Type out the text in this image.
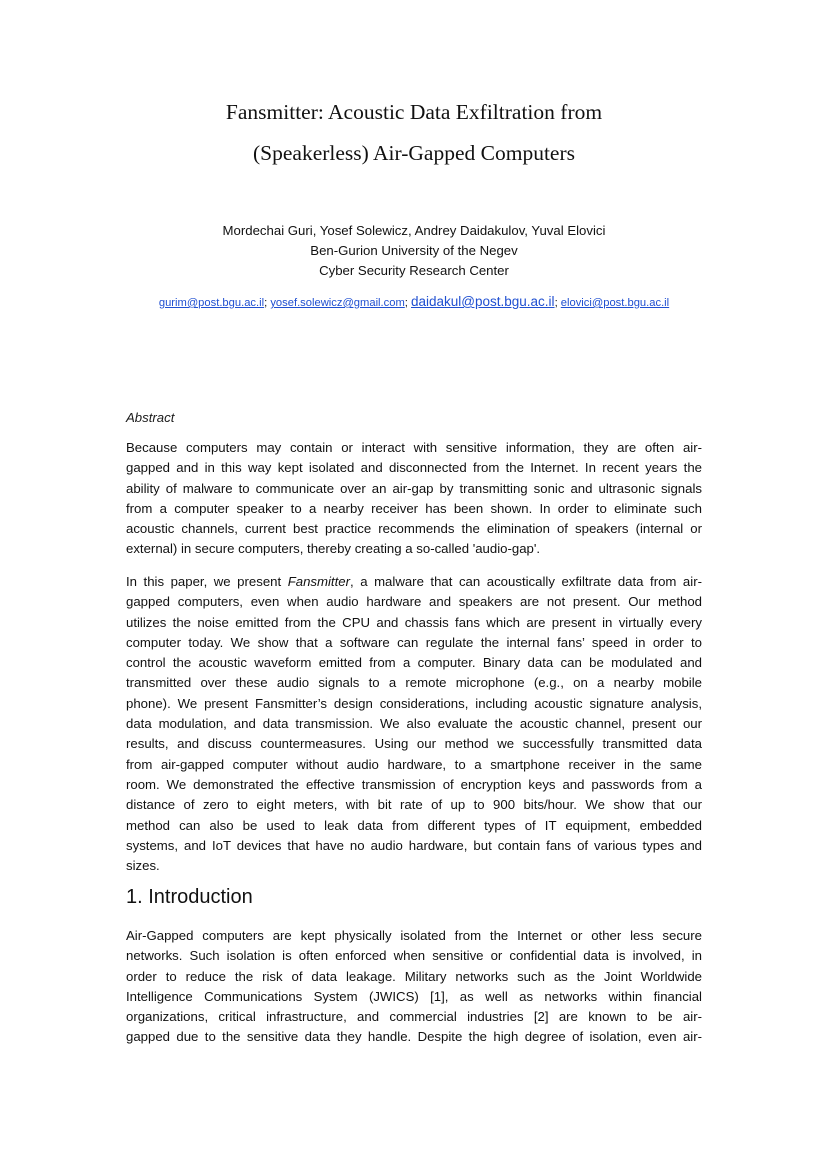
Fansmitter: Acoustic Data Exfiltration from
(Speakerless) Air-Gapped Computers
Mordechai Guri, Yosef Solewicz, Andrey Daidakulov, Yuval Elovici
Ben-Gurion University of the Negev
Cyber Security Research Center
gurim@post.bgu.ac.il; yosef.solewicz@gmail.com; daidakul@post.bgu.ac.il; elovici@post.bgu.ac.il
Abstract
Because computers may contain or interact with sensitive information, they are often air-
gapped and in this way kept isolated and disconnected from the Internet. In recent years the
ability of malware to communicate over an air-gap by transmitting sonic and ultrasonic signals
from a computer speaker to a nearby receiver has been shown. In order to eliminate such
acoustic channels, current best practice recommends the elimination of speakers (internal or
external) in secure computers, thereby creating a so-called 'audio-gap'.
In this paper, we present Fansmitter, a malware that can acoustically exfiltrate data from air-
gapped computers, even when audio hardware and speakers are not present. Our method
utilizes the noise emitted from the CPU and chassis fans which are present in virtually every
computer today. We show that a software can regulate the internal fans’ speed in order to
control the acoustic waveform emitted from a computer. Binary data can be modulated and
transmitted over these audio signals to a remote microphone (e.g., on a nearby mobile
phone). We present Fansmitter’s design considerations, including acoustic signature analysis,
data modulation, and data transmission. We also evaluate the acoustic channel, present our
results, and discuss countermeasures. Using our method we successfully transmitted data
from air-gapped computer without audio hardware, to a smartphone receiver in the same
room. We demonstrated the effective transmission of encryption keys and passwords from a
distance of zero to eight meters, with bit rate of up to 900 bits/hour. We show that our
method can also be used to leak data from different types of IT equipment, embedded
systems, and IoT devices that have no audio hardware, but contain fans of various types and
sizes.
1. Introduction
Air-Gapped computers are kept physically isolated from the Internet or other less secure
networks. Such isolation is often enforced when sensitive or confidential data is involved, in
order to reduce the risk of data leakage. Military networks such as the Joint Worldwide
Intelligence Communications System (JWICS) [1], as well as networks within financial
organizations, critical infrastructure, and commercial industries [2] are known to be air-
gapped due to the sensitive data they handle. Despite the high degree of isolation, even air-
